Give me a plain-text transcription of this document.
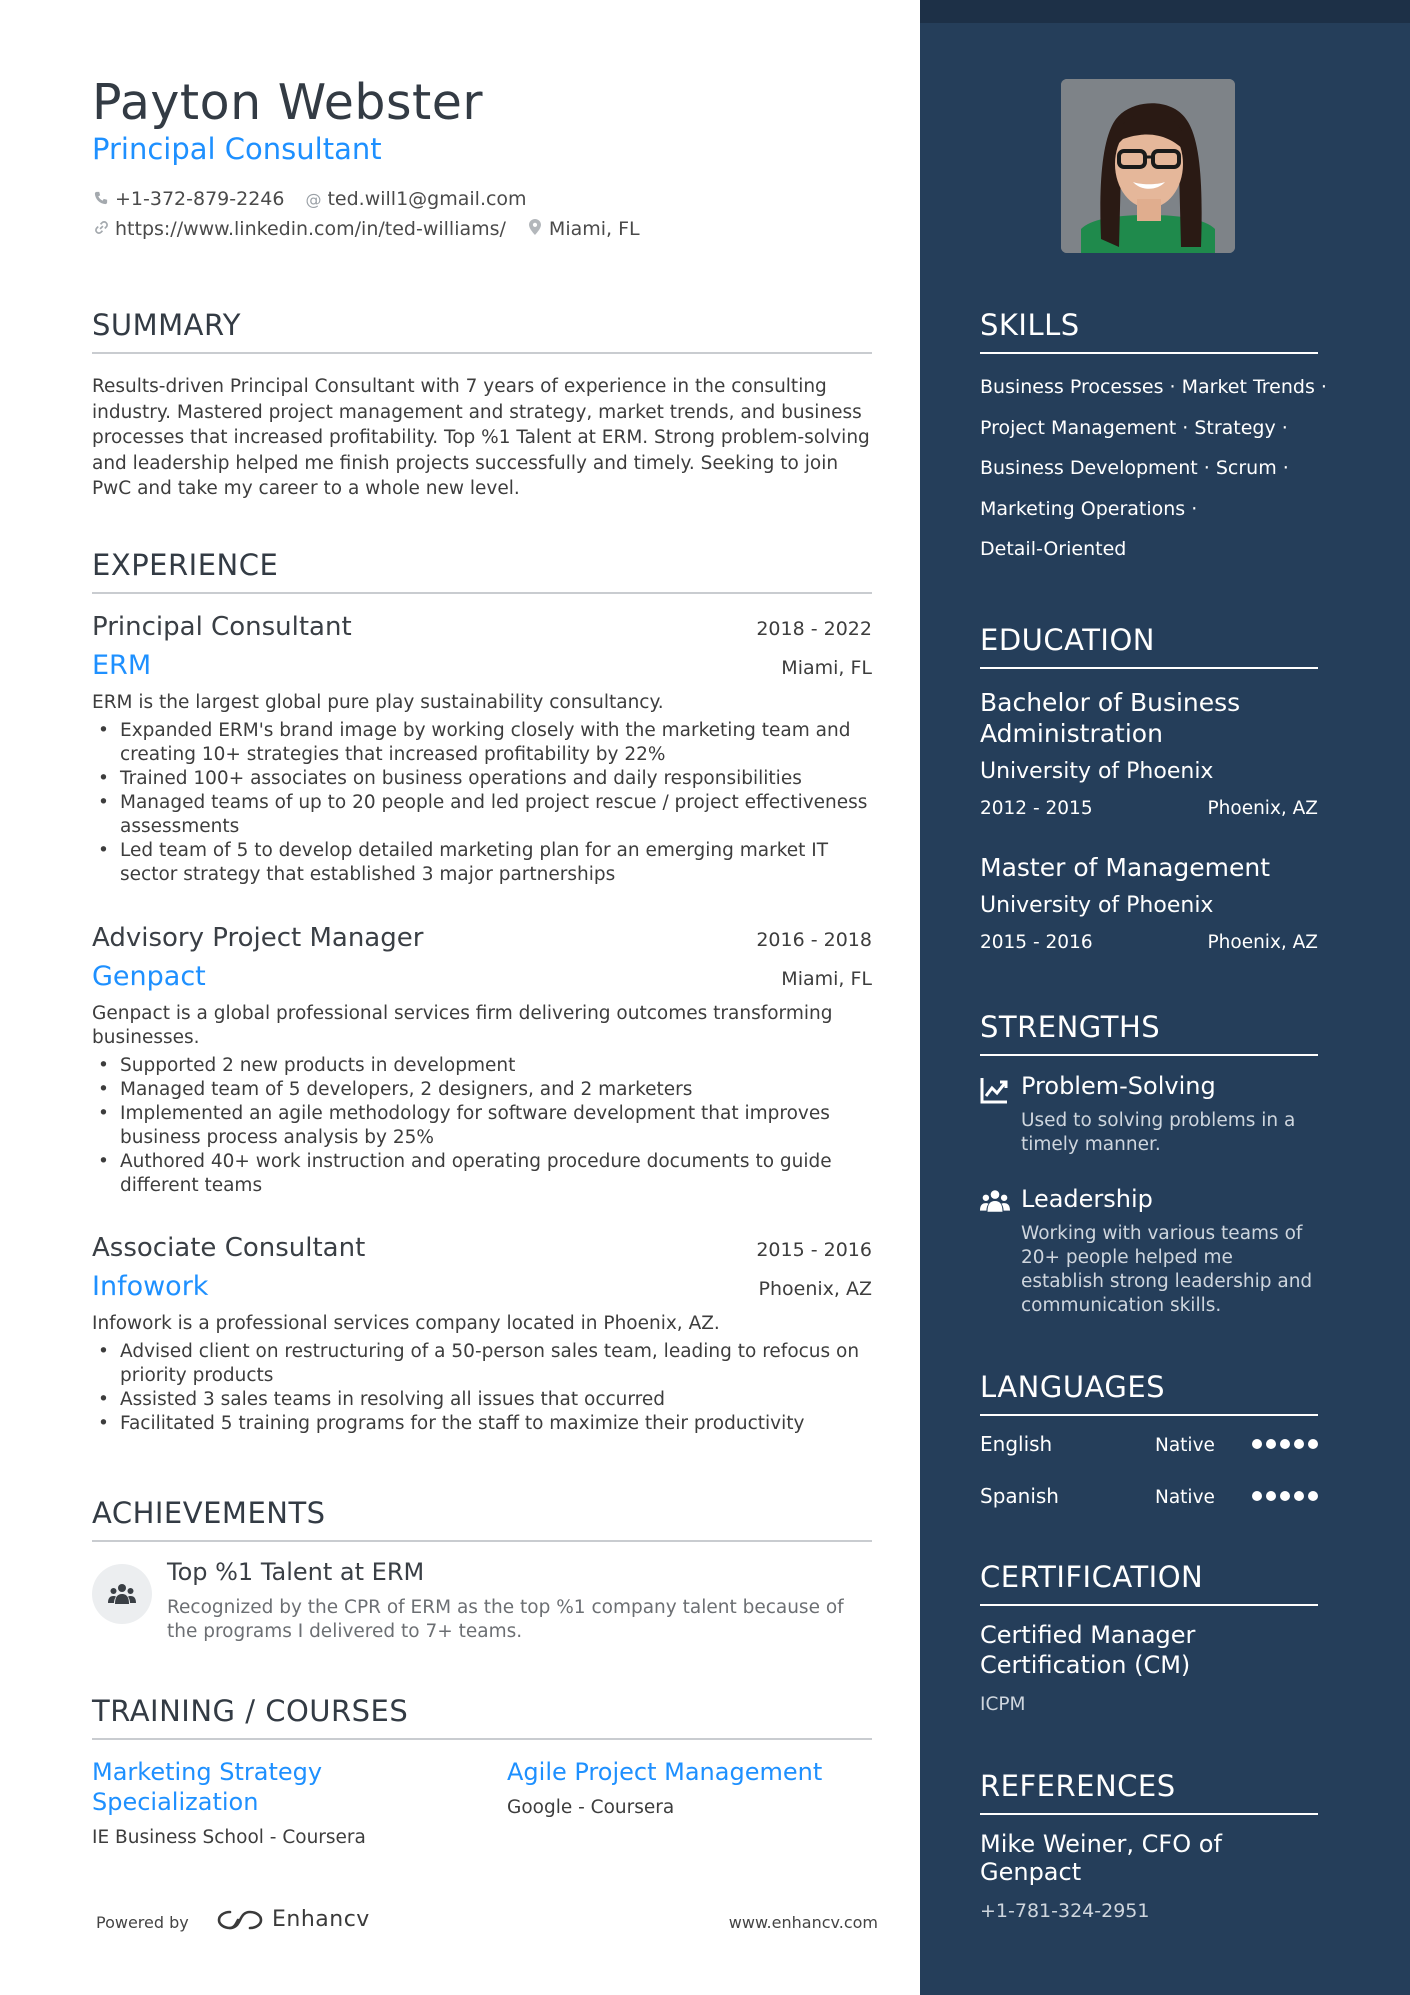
Payton Webster
Principal Consultant
+1-372-879-2246 @ ted.will1@gmail.com
https://www.linkedin.com/in/ted-williams/ Miami, FL
SUMMARY
Results-driven Principal Consultant with 7 years of experience in the consulting industry. Mastered project management and strategy, market trends, and business processes that increased profitability. Top %1 Talent at ERM. Strong problem-solving and leadership helped me finish projects successfully and timely. Seeking to join PwC and take my career to a whole new level.
EXPERIENCE
Principal Consultant	2018 - 2022
ERM	Miami, FL
ERM is the largest global pure play sustainability consultancy.
• Expanded ERM's brand image by working closely with the marketing team and creating 10+ strategies that increased profitability by 22%
• Trained 100+ associates on business operations and daily responsibilities
• Managed teams of up to 20 people and led project rescue / project effectiveness assessments
• Led team of 5 to develop detailed marketing plan for an emerging market IT sector strategy that established 3 major partnerships
Advisory Project Manager	2016 - 2018
Genpact	Miami, FL
Genpact is a global professional services firm delivering outcomes transforming businesses.
• Supported 2 new products in development
• Managed team of 5 developers, 2 designers, and 2 marketers
• Implemented an agile methodology for software development that improves business process analysis by 25%
• Authored 40+ work instruction and operating procedure documents to guide different teams
Associate Consultant	2015 - 2016
Infowork	Phoenix, AZ
Infowork is a professional services company located in Phoenix, AZ.
• Advised client on restructuring of a 50-person sales team, leading to refocus on priority products
• Assisted 3 sales teams in resolving all issues that occurred
• Facilitated 5 training programs for the staff to maximize their productivity
ACHIEVEMENTS
Top %1 Talent at ERM
Recognized by the CPR of ERM as the top %1 company talent because of the programs I delivered to 7+ teams.
TRAINING / COURSES
Marketing Strategy Specialization
IE Business School - Coursera
Agile Project Management
Google - Coursera
Powered by	Enhancv	www.enhancv.com
SKILLS
Business Processes · Market Trends ·
Project Management · Strategy ·
Business Development · Scrum ·
Marketing Operations ·
Detail-Oriented
EDUCATION
Bachelor of Business Administration
University of Phoenix
2012 - 2015	Phoenix, AZ
Master of Management
University of Phoenix
2015 - 2016	Phoenix, AZ
STRENGTHS
Problem-Solving
Used to solving problems in a timely manner.
Leadership
Working with various teams of 20+ people helped me establish strong leadership and communication skills.
LANGUAGES
English	Native
Spanish	Native
CERTIFICATION
Certified Manager Certification (CM)
ICPM
REFERENCES
Mike Weiner, CFO of Genpact
+1-781-324-2951
